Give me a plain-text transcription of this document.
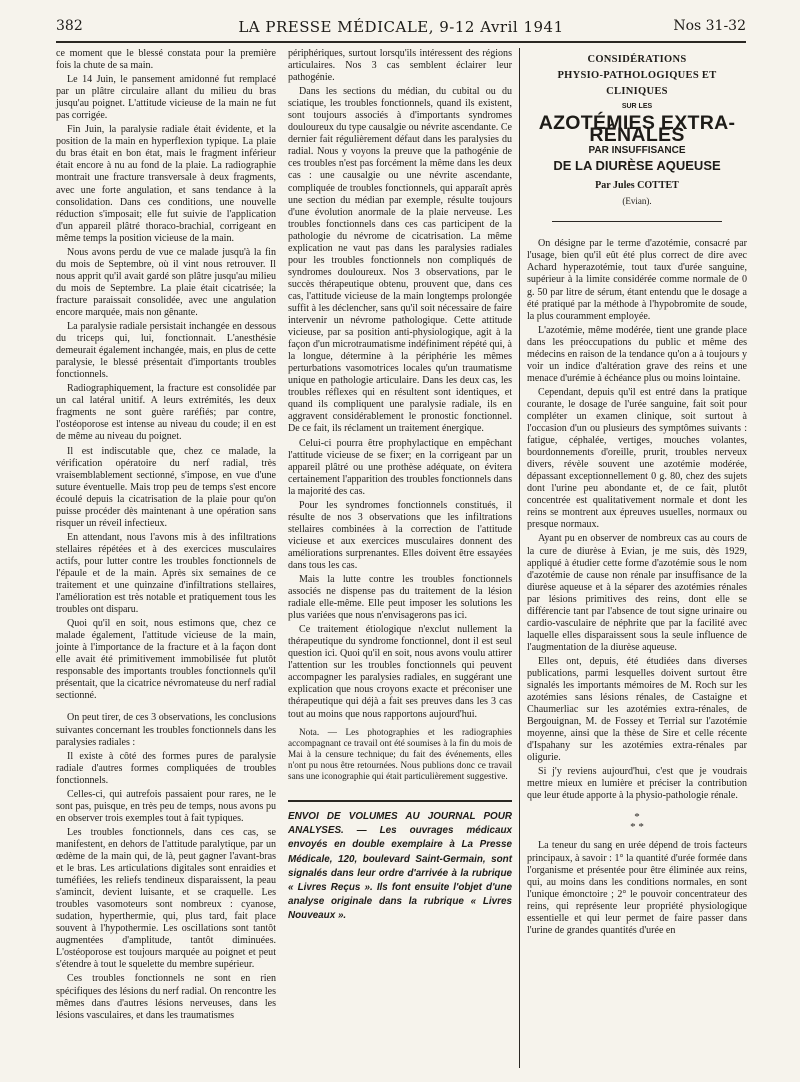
382	LA PRESSE MÉDICALE, 9-12 Avril 1941	Nos 31-32

ce moment que le blessé constata pour la première fois la chute de sa main.

Le 14 Juin, le pansement amidonné fut remplacé par un plâtre circulaire allant du milieu du bras jusqu'au poignet. L'attitude vicieuse de la main ne fut pas corrigée.

Fin Juin, la paralysie radiale était évidente, et la position de la main en hyperflexion typique. La plaie du bras était en bon état, mais le fragment inférieur était encore à nu au fond de la plaie. La radiographie montrait une fracture transversale à deux fragments, avec une forte angulation, et sans tendance à la consolidation. Dans ces conditions, une nouvelle réduction s'imposait; elle fut suivie de l'application d'un appareil plâtré thoraco-brachial, corrigeant en même temps la position vicieuse de la main.

Nous avons perdu de vue ce malade jusqu'à la fin du mois de Septembre, où il vint nous retrouver. Il nous apprit qu'il avait gardé son plâtre jusqu'au milieu du mois de Septembre. La plaie était cicatrisée; la fracture paraissait consolidée, avec une angulation encore marquée, mais non gênante.

La paralysie radiale persistait inchangée en dessous du triceps qui, lui, fonctionnait. L'anesthésie demeurait également inchangée, mais, en plus de cette paralysie, le blessé présentait d'importants troubles fonctionnels.

Radiographiquement, la fracture est consolidée par un cal latéral unitif. A leurs extrémités, les deux fragments ne sont guère raréfiés; par contre, l'ostéoporose est intense au niveau du coude; il en est de même au niveau du poignet.

Il est indiscutable que, chez ce malade, la vérification opératoire du nerf radial, très vraisemblablement sectionné, s'impose, en vue d'une suture éventuelle. Mais trop peu de temps s'est encore écoulé depuis la cicatrisation de la plaie pour qu'on puisse procéder dès maintenant à une opération sans risquer un réveil infectieux.

En attendant, nous l'avons mis à des infiltrations stellaires répétées et à des exercices musculaires actifs, pour lutter contre les troubles fonctionnels de l'épaule et de la main. Après six semaines de ce traitement et une quinzaine d'infiltrations stellaires, l'amélioration est très notable et pratiquement tous les troubles ont disparu.

Quoi qu'il en soit, nous estimons que, chez ce malade également, l'attitude vicieuse de la main, jointe à l'importance de la fracture et à la façon dont elle avait été primitivement immobilisée fut plutôt responsable des importants troubles fonctionnels qu'il présentait, que la cicatrice névromateuse du nerf radial sectionné.

On peut tirer, de ces 3 observations, les conclusions suivantes concernant les troubles fonctionnels dans les paralysies radiales :

Il existe à côté des formes pures de paralysie radiale d'autres formes compliquées de troubles fonctionnels.

Celles-ci, qui autrefois passaient pour rares, ne le sont pas, puisque, en très peu de temps, nous avons pu en observer trois exemples tout à fait typiques.

Les troubles fonctionnels, dans ces cas, se manifestent, en dehors de l'attitude paralytique, par un œdème de la main qui, de là, peut gagner l'avant-bras et le bras. Les articulations digitales sont enraidies et tuméfiées, les reliefs tendineux disparaissent, la peau s'amincit, devient luisante, et se craquelle. Les troubles vasomoteurs sont nombreux : cyanose, sudation, hyperthermie, qui, plus tard, fait place souvent à l'hypothermie. Les oscillations sont tantôt augmentées d'amplitude, tantôt diminuées. L'ostéoporose est toujours marquée au poignet et peut s'étendre à tout le squelette du membre supérieur.

Ces troubles fonctionnels ne sont en rien spécifiques des lésions du nerf radial. On rencontre les mêmes dans d'autres lésions nerveuses, dans les lésions vasculaires, et dans les traumatismes

périphériques, surtout lorsqu'ils intéressent des régions articulaires. Nos 3 cas semblent éclairer leur pathogénie.

Dans les sections du médian, du cubital ou du sciatique, les troubles fonctionnels, quand ils existent, sont toujours associés à d'importants syndromes douloureux du type causalgie ou névrite ascendante. Ce dernier fait régulièrement défaut dans les paralysies du radial. Nous y voyons la preuve que la pathogénie de ces troubles n'est pas forcément la même dans les deux cas : une causalgie ou une névrite ascendante, compliquée de troubles fonctionnels, qui apparaît après une section du médian par exemple, résulte toujours d'une évolution anormale de la plaie nerveuse. Les troubles fonctionnels dans ces cas participent de la pathologie du névrome de cicatrisation. La même explication ne vaut pas dans les paralysies radiales pour les troubles fonctionnels non compliqués de syndromes douloureux. Nos 3 observations, par le succès thérapeutique obtenu, prouvent que, dans ces cas, l'attitude vicieuse de la main longtemps prolongée suffit à les déclencher, sans qu'il soit nécessaire de faire intervenir un névrome pathologique. Cette attitude vicieuse, par sa position anti-physiologique, agit à la façon d'un microtraumatisme indéfiniment répété qui, à la longue, détermine à la périphérie les mêmes perturbations vasomotrices locales qu'un traumatisme unique en pathologie articulaire. Dans les deux cas, les troubles réflexes qui en résultent sont identiques, et quand ils compliquent une paralysie radiale, ils en aggravent considérablement le pronostic fonctionnel. De ce fait, ils réclament un traitement énergique.

Celui-ci pourra être prophylactique en empêchant l'attitude vicieuse de se fixer; en la corrigeant par un appareil plâtré ou une prothèse adéquate, on évitera certainement l'apparition des troubles fonctionnels dans la majorité des cas.

Pour les syndromes fonctionnels constitués, il résulte de nos 3 observations que les infiltrations stellaires combinées à la correction de l'attitude vicieuse et aux exercices musculaires donnent des améliorations surprenantes. Elles doivent être essayées dans tous les cas.

Mais la lutte contre les troubles fonctionnels associés ne dispense pas du traitement de la lésion radiale elle-même. Elle peut imposer les solutions les plus variées que nous n'envisagerons pas ici.

Ce traitement étiologique n'exclut nullement la thérapeutique du syndrome fonctionnel, dont il est seul question ici. Quoi qu'il en soit, nous avons voulu attirer l'attention sur les troubles fonctionnels qui peuvent accompagner les paralysies radiales, en suggérant une explication que nous croyons exacte et préconiser une thérapeutique qui déjà a fait ses preuves dans les 3 cas tout au moins que nous rapportons aujourd'hui.

Nota. — Les photographies et les radiographies accompagnant ce travail ont été soumises à la fin du mois de Mai à la censure technique; du fait des événements, elles n'ont pu nous être retournées. Nous publions donc ce travail sans une iconographie qui était particulièrement suggestive.

ENVOI DE VOLUMES AU JOURNAL POUR ANALYSES. — Les ouvrages médicaux envoyés en double exemplaire à La Presse Médicale, 120, boulevard Saint-Germain, sont signalés dans leur ordre d'arrivée à la rubrique « Livres Reçus ». Ils font ensuite l'objet d'une analyse originale dans la rubrique « Livres Nouveaux ».
CONSIDÉRATIONS
PHYSIO-PATHOLOGIQUES ET CLINIQUES
SUR LES
AZOTÉMIES EXTRA-RÉNALES
PAR INSUFFISANCE
DE LA DIURÈSE AQUEUSE
Par Jules COTTET
(Evian).

On désigne par le terme d'azotémie, consacré par l'usage, bien qu'il eût été plus correct de dire avec Achard hyperazotémie, tout taux d'urée sanguine, supérieur à la limite considérée comme normale de 0 g. 50 par litre de sérum, étant entendu que le dosage a été pratiqué par la méthode à l'hypobromite de soude, la plus couramment employée.

L'azotémie, même modérée, tient une grande place dans les préoccupations du public et même des médecins en raison de la tendance qu'on a à toujours y voir un indice d'altération grave des reins et une menace d'urémie à échéance plus ou moins lointaine.

Cependant, depuis qu'il est entré dans la pratique courante, le dosage de l'urée sanguine, fait soit pour compléter un examen clinique, soit surtout à l'occasion d'un ou plusieurs des symptômes suivants : fatigue, céphalée, vertiges, mouches volantes, bourdonnements d'oreille, prurit, troubles nerveux divers, révèle souvent une azotémie modérée, dépassant exceptionnellement 0 g. 80, chez des sujets dont l'urine peu abondante et, de ce fait, plutôt concentrée est qualitativement normale et dont les reins se montrent aux épreuves usuelles, normaux ou presque normaux.

Ayant pu en observer de nombreux cas au cours de la cure de diurèse à Evian, je me suis, dès 1929, appliqué à étudier cette forme d'azotémie sous le nom d'azotémie de cause non rénale par insuffisance de la diurèse aqueuse et à la séparer des azotémies rénales par lésions primitives des reins, dont elle se différencie tant par l'absence de tout signe urinaire ou cardio-vasculaire de néphrite que par la facilité avec laquelle elles disparaissent sous la seule influence de l'augmentation de la diurèse aqueuse.

Elles ont, depuis, été étudiées dans diverses publications, parmi lesquelles doivent surtout être signalés les importants mémoires de M. Roch sur les azotémies sans lésions rénales, de Castaigne et Chaumerliac sur les azotémies extra-rénales, de Bergouignan, M. de Fossey et Terrial sur l'azotémie moyenne, ainsi que la thèse de Sire et celle récente d'Ispahany sur les azotémies extra-rénales par oligurie.

Si j'y reviens aujourd'hui, c'est que je voudrais mettre mieux en lumière et préciser la contribution que leur étude apporte à la physio-pathologie rénale.

*
* *

La teneur du sang en urée dépend de trois facteurs principaux, à savoir : 1° la quantité d'urée formée dans l'organisme et présentée pour être éliminée aux reins, qui, au moins dans les conditions normales, en sont l'unique émonctoire ; 2° le pouvoir concentrateur des reins, qui représente leur propriété physiologique essentielle et qui leur permet de faire passer dans l'urine de grandes quantités d'urée en
